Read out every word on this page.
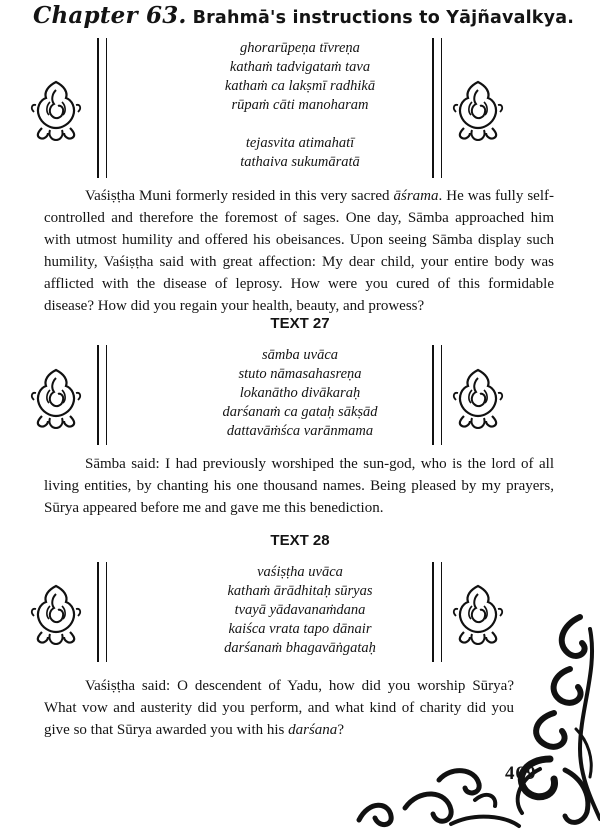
Chapter 63. Brahmā's instructions to Yājñavalkya.
ghorarūpeṇa tīvreṇa
kathaṁ tadvigataṁ tava
kathaṁ ca lakṣmī radhikā
rūpaṁ cāti manoharam
tejasvita atimahatī
tathaiva sukumāratā

Vaśiṣṭha Muni formerly resided in this very sacred āśrama. He was fully self-controlled and therefore the foremost of sages. One day, Sāmba approached him with utmost humility and offered his obeisances. Upon seeing Sāmba display such humility, Vaśiṣṭha said with great affection: My dear child, your entire body was afflicted with the disease of leprosy. How were you cured of this formidable disease? How did you regain your health, beauty, and prowess?

TEXT 27
sāmba uvāca
stuto nāmasahasreṇa
lokanātho divākaraḥ
darśanaṁ ca gataḥ sākṣād
dattavāṁśca varānmama

Sāmba said: I had previously worshiped the sun-god, who is the lord of all living entities, by chanting his one thousand names. Being pleased by my prayers, Sūrya appeared before me and gave me this benediction.

TEXT 28
vaśiṣṭha uvāca
kathaṁ ārādhitaḥ sūryas
tvayā yādavanaṁdana
kaiśca vrata tapo dānair
darśanaṁ bhagavāṅgataḥ

Vaśiṣṭha said: O descendent of Yadu, how did you worship Sūrya? What vow and austerity did you perform, and what kind of charity did you give so that Sūrya awarded you with his darśana?

469
